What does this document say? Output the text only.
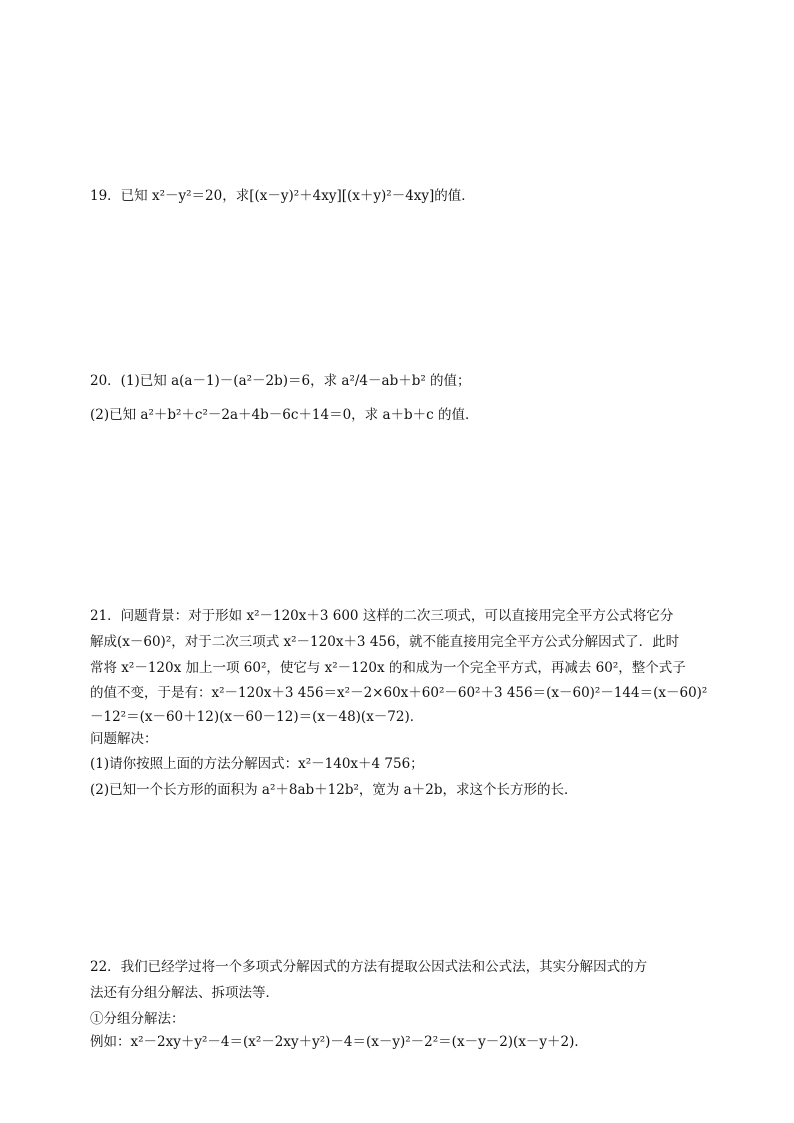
19．已知 x²－y²＝20，求[(x－y)²＋4xy][(x＋y)²－4xy]的值．
20．(1)已知 a(a－1)－(a²－2b)＝6，求 a²/4－ab＋b² 的值；
(2)已知 a²＋b²＋c²－2a＋4b－6c＋14＝0，求 a＋b＋c 的值．
21．问题背景：对于形如 x²－120x＋3 600 这样的二次三项式，可以直接用完全平方公式将它分
解成(x－60)²，对于二次三项式 x²－120x＋3 456，就不能直接用完全平方公式分解因式了．此时
常将 x²－120x 加上一项 60²，使它与 x²－120x 的和成为一个完全平方式，再减去 60²，整个式子
的值不变，于是有：x²－120x＋3 456＝x²－2×60x＋60²－60²＋3 456＝(x－60)²－144＝(x－60)²
－12²＝(x－60＋12)(x－60－12)＝(x－48)(x－72)．
问题解决：
(1)请你按照上面的方法分解因式：x²－140x＋4 756；
(2)已知一个长方形的面积为 a²＋8ab＋12b²，宽为 a＋2b，求这个长方形的长．
22．我们已经学过将一个多项式分解因式的方法有提取公因式法和公式法，其实分解因式的方
法还有分组分解法、拆项法等．
①分组分解法：
例如：x²－2xy＋y²－4＝(x²－2xy＋y²)－4＝(x－y)²－2²＝(x－y－2)(x－y＋2)．
